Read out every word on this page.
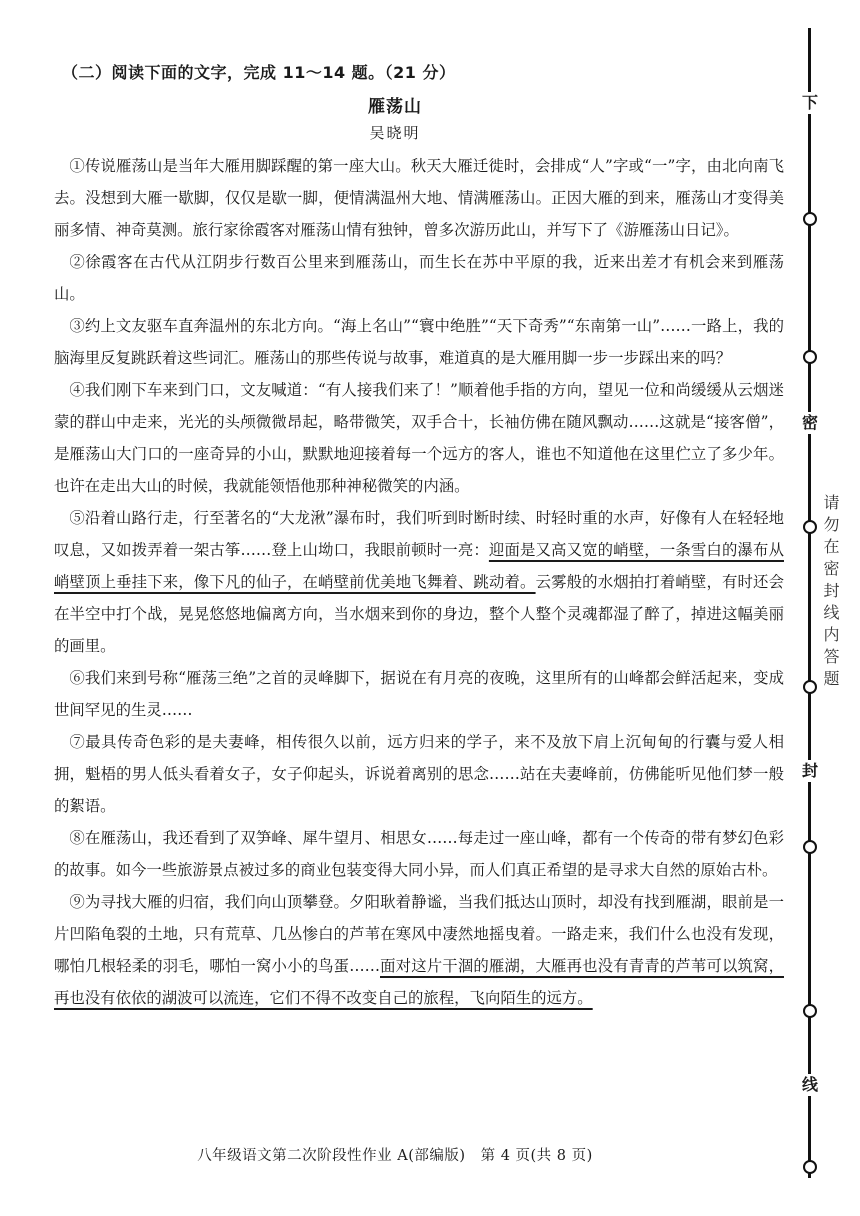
（二）阅读下面的文字，完成 11～14 题。（21 分）
雁荡山
吴晓明

①传说雁荡山是当年大雁用脚踩醒的第一座大山。秋天大雁迁徙时，会排成“人”字或“一”字，由北向南飞去。没想到大雁一歇脚，仅仅是歇一脚，便情满温州大地、情满雁荡山。正因大雁的到来，雁荡山才变得美丽多情、神奇莫测。旅行家徐霞客对雁荡山情有独钟，曾多次游历此山，并写下了《游雁荡山日记》。

②徐霞客在古代从江阴步行数百公里来到雁荡山，而生长在苏中平原的我，近来出差才有机会来到雁荡山。

③约上文友驱车直奔温州的东北方向。“海上名山”“寰中绝胜”“天下奇秀”“东南第一山”……一路上，我的脑海里反复跳跃着这些词汇。雁荡山的那些传说与故事，难道真的是大雁用脚一步一步踩出来的吗？

④我们刚下车来到门口，文友喊道：“有人接我们来了！”顺着他手指的方向，望见一位和尚缓缓从云烟迷蒙的群山中走来，光光的头颅微微昂起，略带微笑，双手合十，长袖仿佛在随风飘动……这就是“接客僧”，是雁荡山大门口的一座奇异的小山，默默地迎接着每一个远方的客人，谁也不知道他在这里伫立了多少年。也许在走出大山的时候，我就能领悟他那种神秘微笑的内涵。

⑤沿着山路行走，行至著名的“大龙湫”瀑布时，我们听到时断时续、时轻时重的水声，好像有人在轻轻地叹息，又如拨弄着一架古筝……登上山坳口，我眼前顿时一亮：迎面是又高又宽的峭壁，一条雪白的瀑布从峭壁顶上垂挂下来，像下凡的仙子，在峭壁前优美地飞舞着、跳动着。云雾般的水烟拍打着峭壁，有时还会在半空中打个战，晃晃悠悠地偏离方向，当水烟来到你的身边，整个人整个灵魂都湿了醉了，掉进这幅美丽的画里。

⑥我们来到号称“雁荡三绝”之首的灵峰脚下，据说在有月亮的夜晚，这里所有的山峰都会鲜活起来，变成世间罕见的生灵……

⑦最具传奇色彩的是夫妻峰，相传很久以前，远方归来的学子，来不及放下肩上沉甸甸的行囊与爱人相拥，魁梧的男人低头看着女子，女子仰起头，诉说着离别的思念……站在夫妻峰前，仿佛能听见他们梦一般的絮语。

⑧在雁荡山，我还看到了双笋峰、犀牛望月、相思女……每走过一座山峰，都有一个传奇的带有梦幻色彩的故事。如今一些旅游景点被过多的商业包装变得大同小异，而人们真正希望的是寻求大自然的原始古朴。

⑨为寻找大雁的归宿，我们向山顶攀登。夕阳耿着静谧，当我们抵达山顶时，却没有找到雁湖，眼前是一片凹陷龟裂的土地，只有荒草、几丛惨白的芦苇在寒风中凄然地摇曳着。一路走来，我们什么也没有发现，哪怕几根轻柔的羽毛，哪怕一窝小小的鸟蛋……面对这片干涸的雁湖，大雁再也没有青青的芦苇可以筑窝，再也没有依依的湖波可以流连，它们不得不改变自己的旅程，飞向陌生的远方。

八年级语文第二次阶段性作业 A(部编版)　第 4 页(共 8 页)
下
密
封
线
请勿在密封线内答题
